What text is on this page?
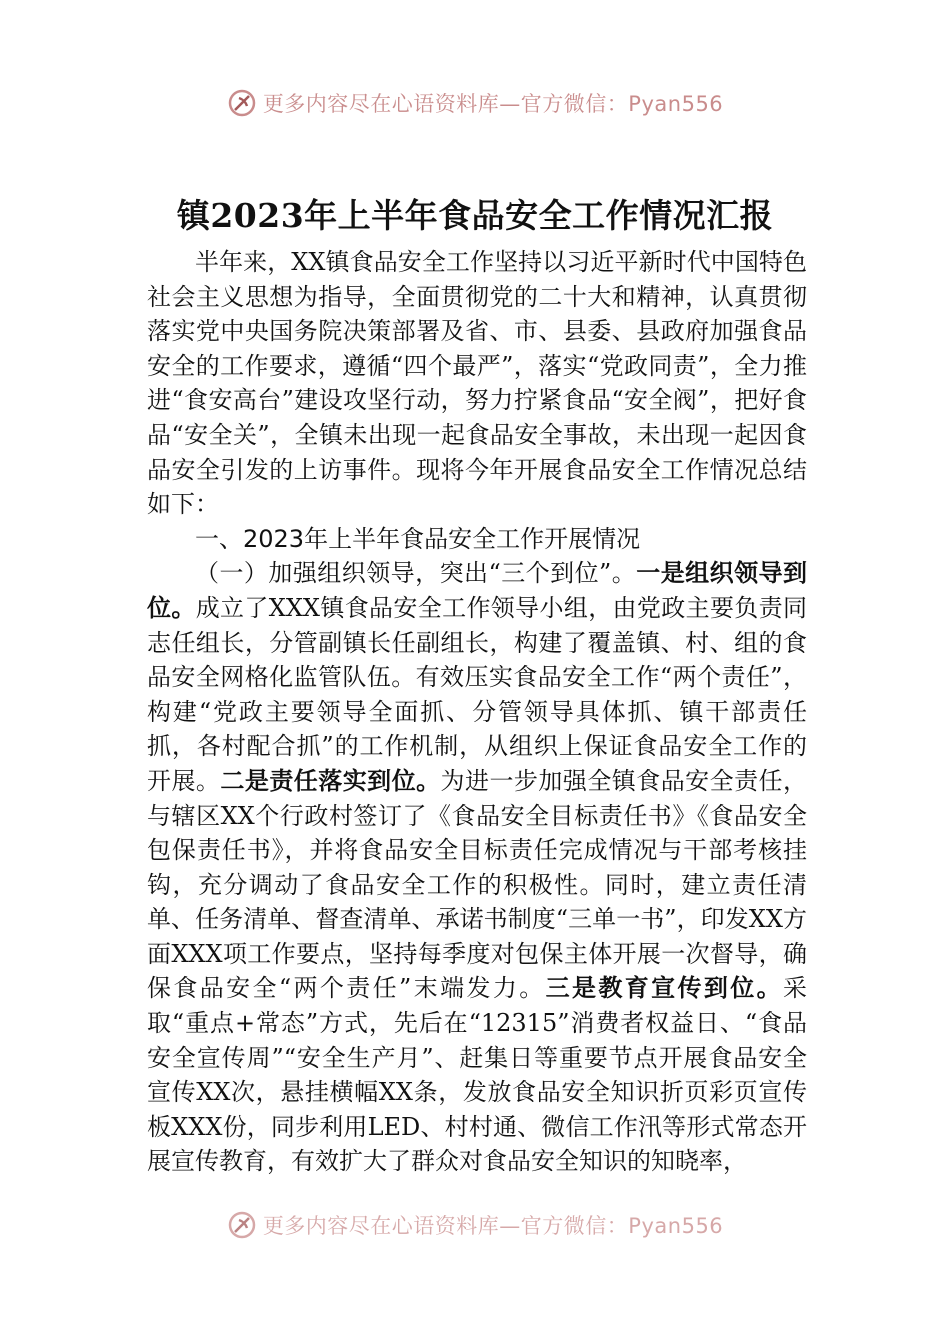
更多内容尽在心语资料库—官方微信：Pyan556
镇2023年上半年食品安全工作情况汇报

半年来，XX镇食品安全工作坚持以习近平新时代中国特色社会主义思想为指导，全面贯彻党的二十大和精神，认真贯彻落实党中央国务院决策部署及省、市、县委、县政府加强食品安全的工作要求，遵循“四个最严”，落实“党政同责”，全力推进“食安高台”建设攻坚行动，努力拧紧食品“安全阀”，把好食品“安全关”，全镇未出现一起食品安全事故，未出现一起因食品安全引发的上访事件。现将今年开展食品安全工作情况总结如下：

一、2023年上半年食品安全工作开展情况

（一）加强组织领导，突出“三个到位”。一是组织领导到位。成立了XXX镇食品安全工作领导小组，由党政主要负责同志任组长，分管副镇长任副组长，构建了覆盖镇、村、组的食品安全网格化监管队伍。有效压实食品安全工作“两个责任”，构建“党政主要领导全面抓、分管领导具体抓、镇干部责任抓，各村配合抓”的工作机制，从组织上保证食品安全工作的开展。二是责任落实到位。为进一步加强全镇食品安全责任，与辖区XX个行政村签订了《食品安全目标责任书》《食品安全包保责任书》，并将食品安全目标责任完成情况与干部考核挂钩，充分调动了食品安全工作的积极性。同时，建立责任清单、任务清单、督查清单、承诺书制度“三单一书”，印发XX方面XXX项工作要点，坚持每季度对包保主体开展一次督导，确保食品安全“两个责任”末端发力。三是教育宣传到位。采取“重点+常态”方式，先后在“12315”消费者权益日、“食品安全宣传周”“安全生产月”、赶集日等重要节点开展食品安全宣传XX次，悬挂横幅XX条，发放食品安全知识折页彩页宣传板XXX份，同步利用LED、村村通、微信工作汛等形式常态开展宣传教育，有效扩大了群众对食品安全知识的知晓率，

更多内容尽在心语资料库—官方微信：Pyan556
